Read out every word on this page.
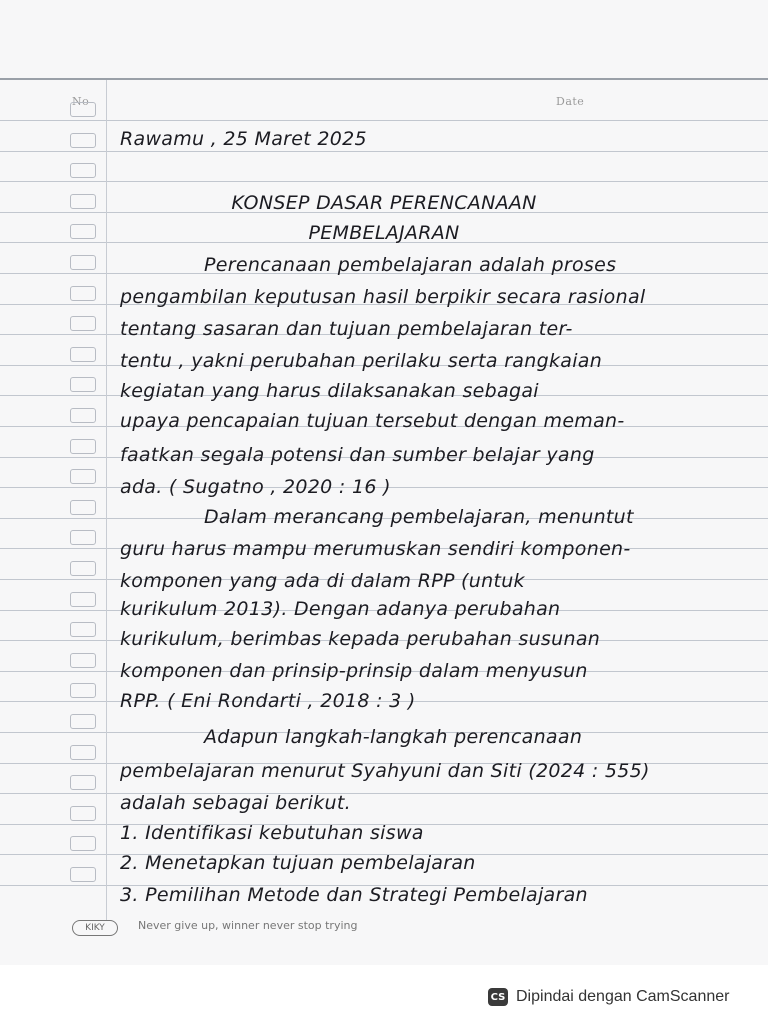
No	Date
Rawamu , 25 Maret 2025
KONSEP DASAR PERENCANAAN
PEMBELAJARAN
Perencanaan pembelajaran adalah proses
pengambilan keputusan hasil berpikir secara rasional
tentang sasaran dan tujuan pembelajaran ter-
tentu , yakni perubahan perilaku serta rangkaian
kegiatan yang harus dilaksanakan sebagai
upaya pencapaian tujuan tersebut dengan meman-
faatkan segala potensi dan sumber belajar yang
ada. ( Sugatno , 2020 : 16 )
Dalam merancang pembelajaran, menuntut
guru harus mampu merumuskan sendiri komponen-
komponen yang ada di dalam RPP (untuk
kurikulum 2013). Dengan adanya perubahan
kurikulum, berimbas kepada perubahan susunan
komponen dan prinsip-prinsip dalam menyusun
RPP. ( Eni Rondarti , 2018 : 3 )
Adapun langkah-langkah perencanaan
pembelajaran menurut Syahyuni dan Siti (2024 : 555)
adalah sebagai berikut.
1. Identifikasi kebutuhan siswa
2. Menetapkan tujuan pembelajaran
3. Pemilihan Metode dan Strategi Pembelajaran
KIKY	Never give up, winner never stop trying
CS Dipindai dengan CamScanner
